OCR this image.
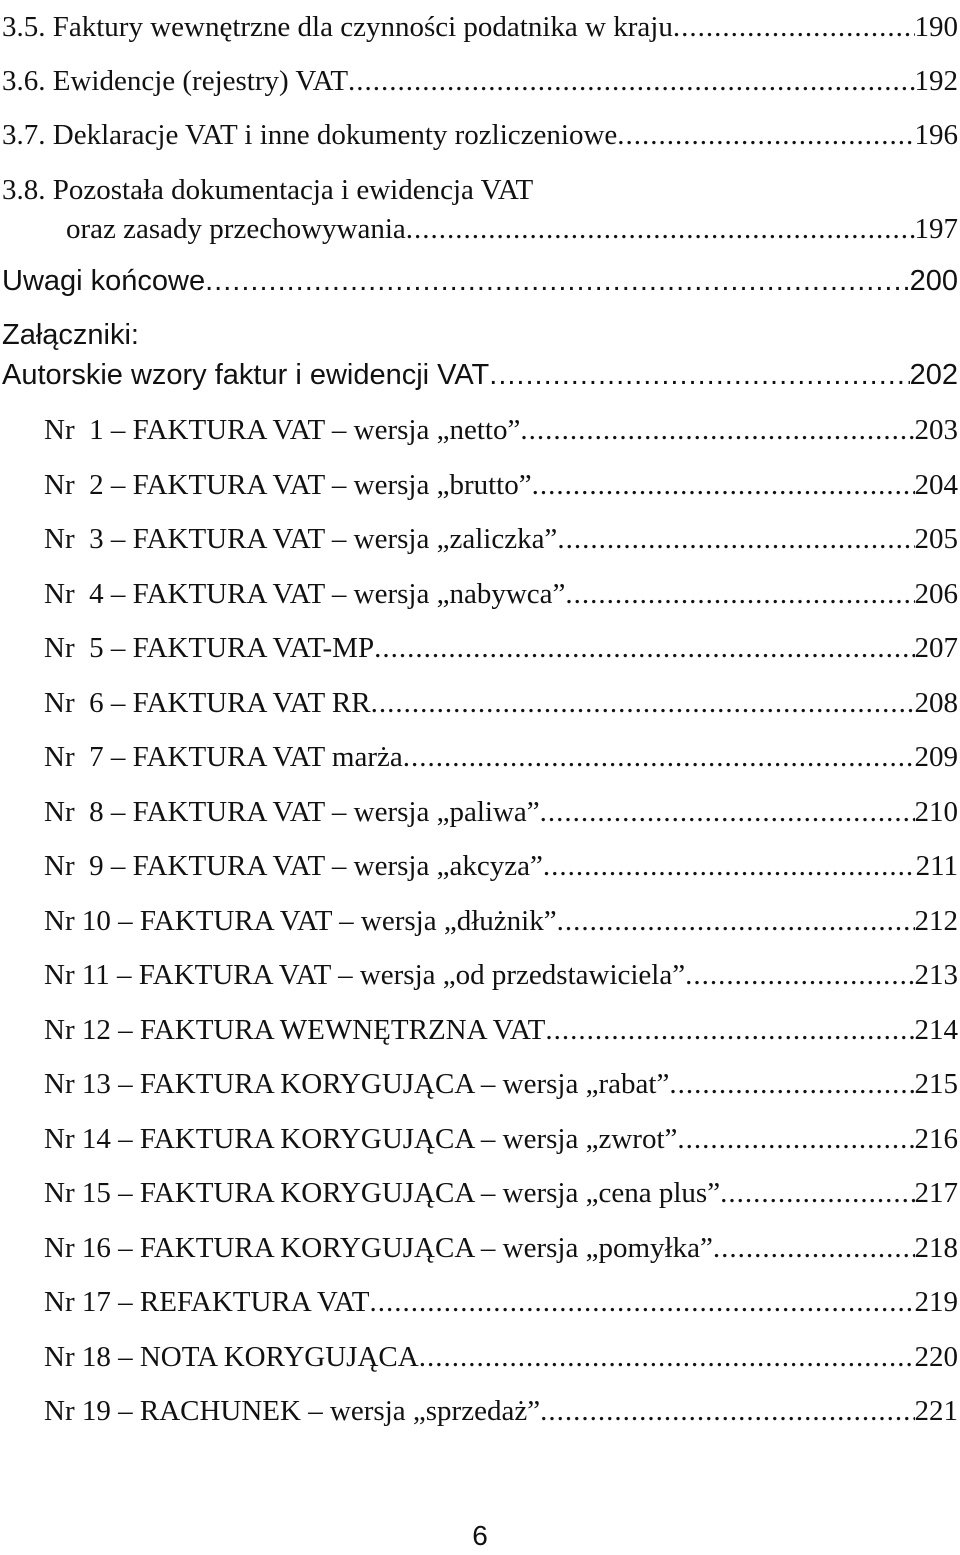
3.5. Faktury wewnętrzne dla czynności podatnika w kraju .....	190
3.6. Ewidencje (rejestry) VAT .....	192
3.7. Deklaracje VAT i inne dokumenty rozliczeniowe .....	196
3.8. Pozostała dokumentacja i ewidencja VAT
oraz zasady przechowywania .....	197
Uwagi końcowe .....	200
Załączniki:
Autorskie wzory faktur i ewidencji VAT .....	202
Nr  1 – FAKTURA VAT – wersja „netto” .....	203
Nr  2 – FAKTURA VAT – wersja „brutto” .....	204
Nr  3 – FAKTURA VAT – wersja „zaliczka” .....	205
Nr  4 – FAKTURA VAT – wersja „nabywca” .....	206
Nr  5 – FAKTURA VAT-MP .....	207
Nr  6 – FAKTURA VAT RR .....	208
Nr  7 – FAKTURA VAT marża .....	209
Nr  8 – FAKTURA VAT – wersja „paliwa” .....	210
Nr  9 – FAKTURA VAT – wersja „akcyza” .....	211
Nr 10 – FAKTURA VAT – wersja „dłużnik” .....	212
Nr 11 – FAKTURA VAT – wersja „od przedstawiciela” .....	213
Nr 12 – FAKTURA WEWNĘTRZNA VAT .....	214
Nr 13 – FAKTURA KORYGUJĄCA – wersja „rabat” .....	215
Nr 14 – FAKTURA KORYGUJĄCA – wersja „zwrot” .....	216
Nr 15 – FAKTURA KORYGUJĄCA – wersja „cena plus” .....	217
Nr 16 – FAKTURA KORYGUJĄCA – wersja „pomyłka” .....	218
Nr 17 – REFAKTURA VAT .....	219
Nr 18 – NOTA KORYGUJĄCA .....	220
Nr 19 – RACHUNEK – wersja „sprzedaż” .....	221
6
